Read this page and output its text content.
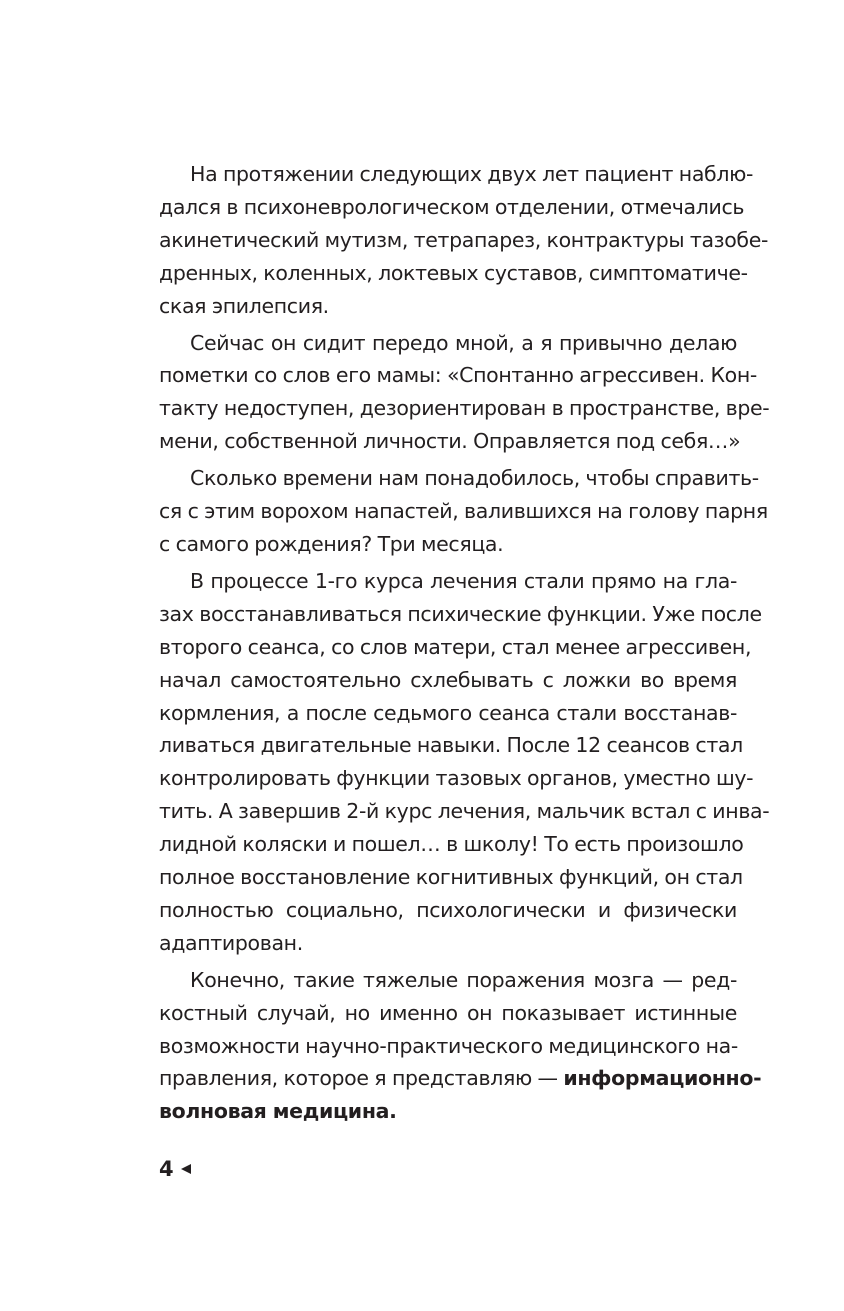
На протяжении следующих двух лет пациент наблю-
дался в психоневрологическом отделении, отмечались
акинетический мутизм, тетрапарез, контрактуры тазобе-
дренных, коленных, локтевых суставов, симптоматиче-
ская эпилепсия.

Сейчас он сидит передо мной, а я привычно делаю
пометки со слов его мамы: «Спонтанно агрессивен. Кон-
такту недоступен, дезориентирован в пространстве, вре-
мени, собственной личности. Оправляется под себя…»

Сколько времени нам понадобилось, чтобы справить-
ся с этим ворохом напастей, валившихся на голову парня
с самого рождения? Три месяца.

В процессе 1-го курса лечения стали прямо на гла-
зах восстанавливаться психические функции. Уже после
второго сеанса, со слов матери, стал менее агрессивен,
начал самостоятельно схлебывать с ложки во время
кормления, а после седьмого сеанса стали восстанав-
ливаться двигательные навыки. После 12 сеансов стал
контролировать функции тазовых органов, уместно шу-
тить. А завершив 2-й курс лечения, мальчик встал с инва-
лидной коляски и пошел… в школу! То есть произошло
полное восстановление когнитивных функций, он стал
полностью социально, психологически и физически
адаптирован.

Конечно, такие тяжелые поражения мозга — ред-
костный случай, но именно он показывает истинные
возможности научно-практического медицинского на-
правления, которое я представляю — информационно-
волновая медицина.

4
